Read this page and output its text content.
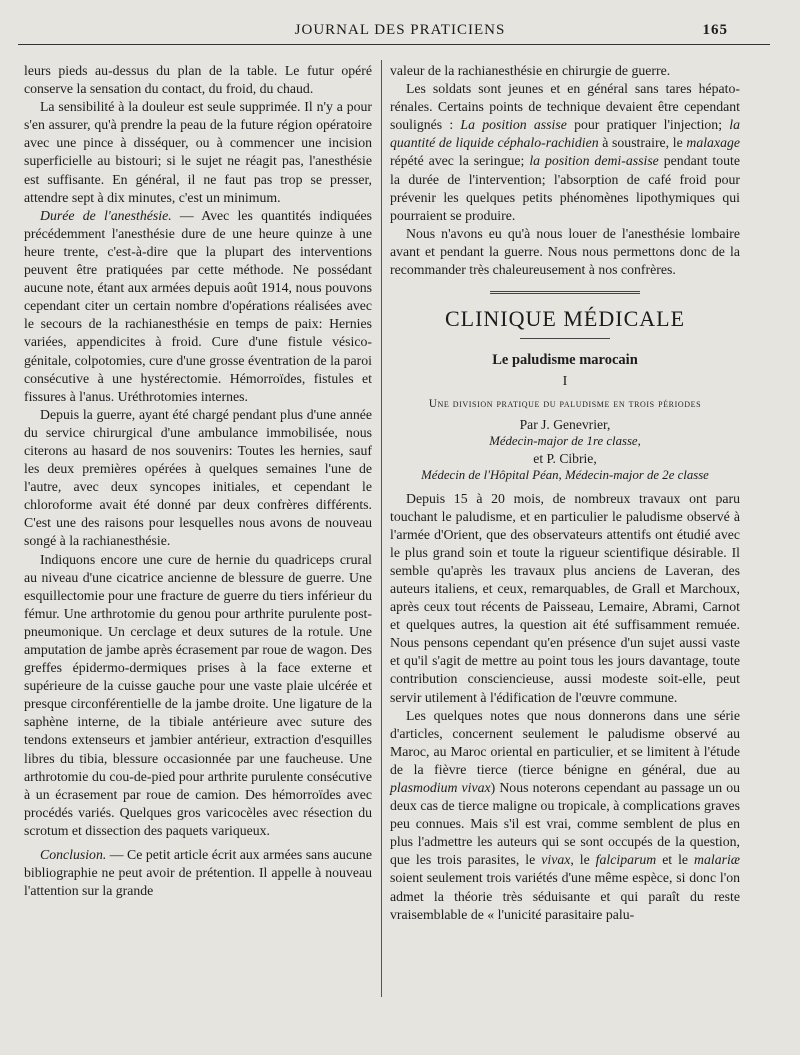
JOURNAL DES PRATICIENS	165

leurs pieds au-dessus du plan de la table. Le futur opéré conserve la sensation du contact, du froid, du chaud.

La sensibilité à la douleur est seule supprimée. Il n'y a pour s'en assurer, qu'à prendre la peau de la future région opératoire avec une pince à disséquer, ou à commencer une incision superficielle au bistouri; si le sujet ne réagit pas, l'anesthésie est suffisante. En général, il ne faut pas trop se presser, attendre sept à dix minutes, c'est un minimum.

Durée de l'anesthésie. — Avec les quantités indiquées précédemment l'anesthésie dure de une heure quinze à une heure trente, c'est-à-dire que la plupart des interventions peuvent être pratiquées par cette méthode. Ne possédant aucune note, étant aux armées depuis août 1914, nous pouvons cependant citer un certain nombre d'opérations réalisées avec le secours de la rachianesthésie en temps de paix: Hernies variées, appendicites à froid. Cure d'une fistule vésico-génitale, colpotomies, cure d'une grosse éventration de la paroi consécutive à une hystérectomie. Hémorroïdes, fistules et fissures à l'anus. Uréthrotomies internes.

Depuis la guerre, ayant été chargé pendant plus d'une année du service chirurgical d'une ambulance immobilisée, nous citerons au hasard de nos souvenirs: Toutes les hernies, sauf les deux premières opérées à quelques semaines l'une de l'autre, avec deux syncopes initiales, et cependant le chloroforme avait été donné par deux confrères différents. C'est une des raisons pour lesquelles nous avons de nouveau songé à la rachianesthésie.

Indiquons encore une cure de hernie du quadriceps crural au niveau d'une cicatrice ancienne de blessure de guerre. Une esquillectomie pour une fracture de guerre du tiers inférieur du fémur. Une arthrotomie du genou pour arthrite purulente post-pneumonique. Un cerclage et deux sutures de la rotule. Une amputation de jambe après écrasement par roue de wagon. Des greffes épidermo-dermiques prises à la face externe et supérieure de la cuisse gauche pour une vaste plaie ulcérée et presque circonférentielle de la jambe droite. Une ligature de la saphène interne, de la tibiale antérieure avec suture des tendons extenseurs et jambier antérieur, extraction d'esquilles libres du tibia, blessure occasionnée par une faucheuse. Une arthrotomie du cou-de-pied pour arthrite purulente consécutive à un écrasement par roue de camion. Des hémorroïdes avec procédés variés. Quelques gros varicocèles avec résection du scrotum et dissection des paquets variqueux.

Conclusion. — Ce petit article écrit aux armées sans aucune bibliographie ne peut avoir de prétention. Il appelle à nouveau l'attention sur la grande

valeur de la rachianesthésie en chirurgie de guerre.

Les soldats sont jeunes et en général sans tares hépato-rénales. Certains points de technique devaient être cependant soulignés : La position assise pour pratiquer l'injection; la quantité de liquide céphalo-rachidien à soustraire, le malaxage répété avec la seringue; la position demi-assise pendant toute la durée de l'intervention; l'absorption de café froid pour prévenir les quelques petits phénomènes lipothymiques qui pourraient se produire.

Nous n'avons eu qu'à nous louer de l'anesthésie lombaire avant et pendant la guerre. Nous nous permettons donc de la recommander très chaleureusement à nos confrères.

CLINIQUE MÉDICALE
Le paludisme marocain
I
Une division pratique du paludisme en trois périodes
Par J. Genevrier,
Médecin-major de 1re classe,
et P. Cibrie,
Médecin de l'Hôpital Péan, Médecin-major de 2e classe

Depuis 15 à 20 mois, de nombreux travaux ont paru touchant le paludisme, et en particulier le paludisme observé à l'armée d'Orient, que des observateurs attentifs ont étudié avec le plus grand soin et toute la rigueur scientifique désirable. Il semble qu'après les travaux plus anciens de Laveran, des auteurs italiens, et ceux, remarquables, de Grall et Marchoux, après ceux tout récents de Paisseau, Lemaire, Abrami, Carnot et quelques autres, la question ait été suffisamment remuée. Nous pensons cependant qu'en présence d'un sujet aussi vaste et qu'il s'agit de mettre au point tous les jours davantage, toute contribution consciencieuse, aussi modeste soit-elle, peut servir utilement à l'édification de l'œuvre commune.

Les quelques notes que nous donnerons dans une série d'articles, concernent seulement le paludisme observé au Maroc, au Maroc oriental en particulier, et se limitent à l'étude de la fièvre tierce (tierce bénigne en général, due au plasmodium vivax) Nous noterons cependant au passage un ou deux cas de tierce maligne ou tropicale, à complications graves peu connues. Mais s'il est vrai, comme semblent de plus en plus l'admettre les auteurs qui se sont occupés de la question, que les trois parasites, le vivax, le falciparum et le malariæ soient seulement trois variétés d'une même espèce, si donc l'on admet la théorie très séduisante et qui paraît du reste vraisemblable de « l'unicité parasitaire palu-
